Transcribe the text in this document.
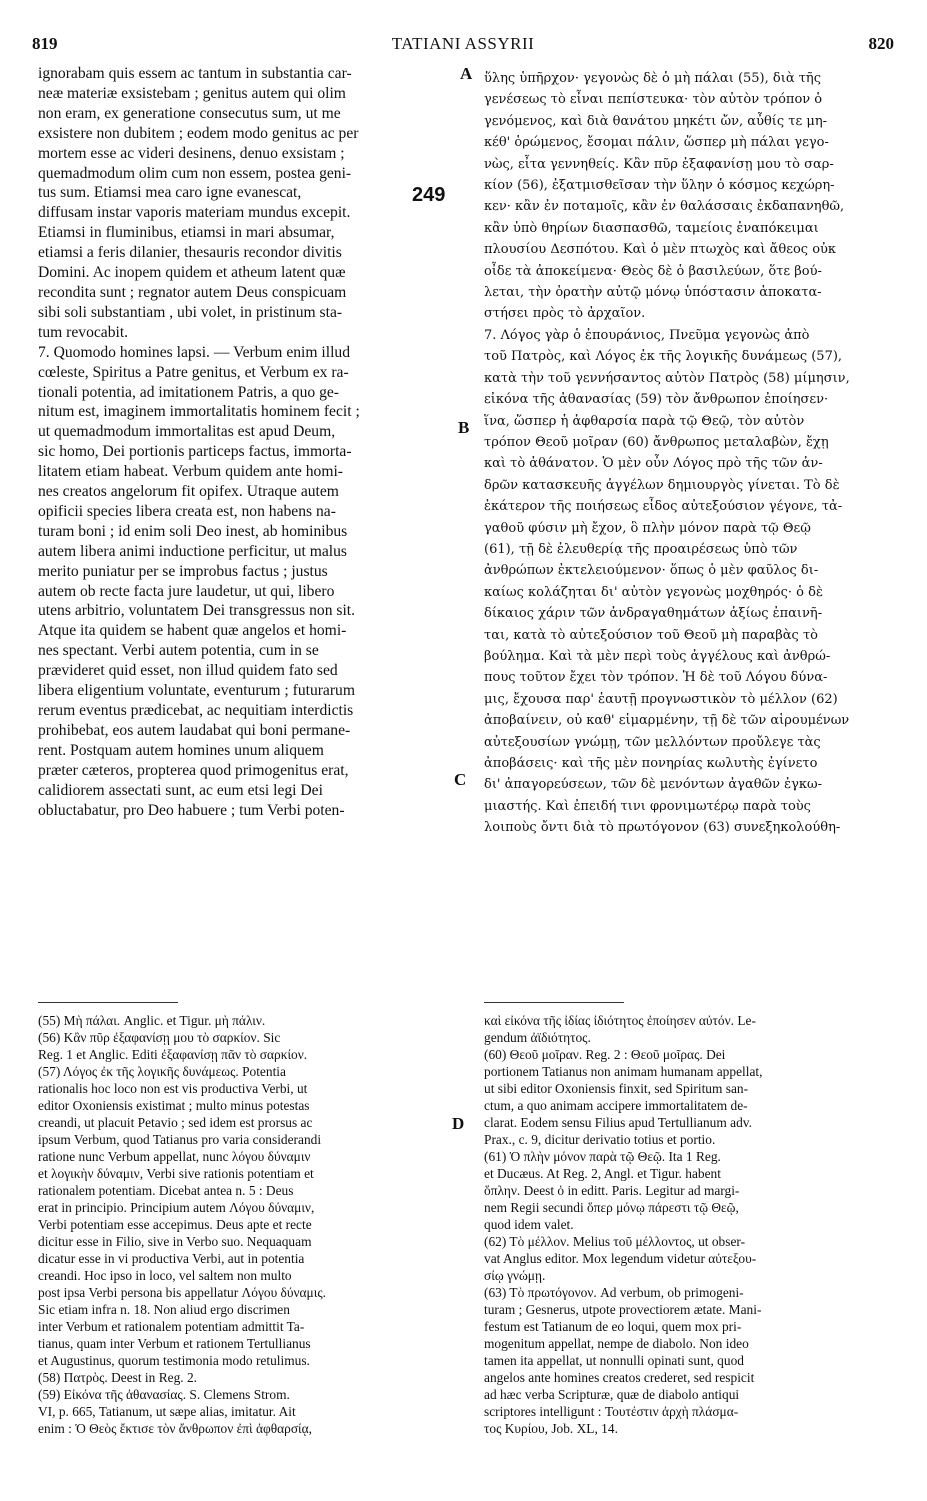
819	TATIANI ASSYRII	820
ignorabam quis essem ac tantum in substantia car-
neæ materiæ exsistebam ; genitus autem qui olim
non eram, ex generatione consecutus sum, ut me
exsistere non dubitem ; eodem modo genitus ac per
mortem esse ac videri desinens, denuo exsistam ;
quemadmodum olim cum non essem, postea geni-
tus sum. Etiamsi mea caro igne evanescat,
diffusam instar vaporis materiam mundus excepit.
Etiamsi in fluminibus, etiamsi in mari absumar,
etiamsi a feris dilanier, thesauris recondor divitis
Domini. Ac inopem quidem et atheum latent quæ
recondita sunt ; regnator autem Deus conspicuam
sibi soli substantiam , ubi volet, in pristinum sta-
tum revocabit.
7. Quomodo homines lapsi. — Verbum enim illud
cœleste, Spiritus a Patre genitus, et Verbum ex ra-
tionali potentia, ad imitationem Patris, a quo ge-
nitum est, imaginem immortalitatis hominem fecit ;
ut quemadmodum immortalitas est apud Deum,
sic homo, Dei portionis particeps factus, immorta-
litatem etiam habeat. Verbum quidem ante homi-
nes creatos angelorum fit opifex. Utraque autem
opificii species libera creata est, non habens na-
turam boni ; id enim soli Deo inest, ab hominibus
autem libera animi inductione perficitur, ut malus
merito puniatur per se improbus factus ; justus
autem ob recte facta jure laudetur, ut qui, libero
utens arbitrio, voluntatem Dei transgressus non sit.
Atque ita quidem se habent quæ angelos et homi-
nes spectant. Verbi autem potentia, cum in se
prævideret quid esset, non illud quidem fato sed
libera eligentium voluntate, eventurum ; futurarum
rerum eventus prædicebat, ac nequitiam interdictis
prohibebat, eos autem laudabat qui boni permane-
rent. Postquam autem homines unum aliquem
præter cæteros, propterea quod primogenitus erat,
calidiorem assectati sunt, ac eum etsi legi Dei
obluctabatur, pro Deo habuere ; tum Verbi poten-
ὕλης ὑπῆρχον· γεγονὼς δὲ ὁ μὴ πάλαι (55), διὰ τῆς
γενέσεως τὸ εἶναι πεπίστευκα· τὸν αὐτὸν τρόπον ὁ
γενόμενος, καὶ διὰ θανάτου μηκέτι ὤν, αὖθίς τε μη-
κέθ' ὁρώμενος, ἔσομαι πάλιν, ὥσπερ μὴ πάλαι γεγο-
νὼς, εἶτα γεννηθείς. Κἂν πῦρ ἐξαφανίσῃ μου τὸ σαρ-
κίον (56), ἐξατμισθεῖσαν τὴν ὕλην ὁ κόσμος κεχώρη-
κεν· κἂν ἐν ποταμοῖς, κἂν ἐν θαλάσσαις ἐκδαπανηθῶ,
κἂν ὑπὸ θηρίων διασπασθῶ, ταμείοις ἐναπόκειμαι
πλουσίου Δεσπότου. Καὶ ὁ μὲν πτωχὸς καὶ ἄθεος οὐκ
οἶδε τὰ ἀποκείμενα· Θεὸς δὲ ὁ βασιλεύων, ὅτε βού-
λεται, τὴν ὁρατὴν αὐτῷ μόνῳ ὑπόστασιν ἀποκατα-
στήσει πρὸς τὸ ἀρχαῖον.
7. Λόγος γὰρ ὁ ἐπουράνιος, Πνεῦμα γεγονὼς ἀπὸ
τοῦ Πατρὸς, καὶ Λόγος ἐκ τῆς λογικῆς δυνάμεως (57),
κατὰ τὴν τοῦ γεννήσαντος αὐτὸν Πατρὸς (58) μίμησιν,
εἰκόνα τῆς ἀθανασίας (59) τὸν ἄνθρωπον ἐποίησεν·
ἵνα, ὥσπερ ἡ ἀφθαρσία παρὰ τῷ Θεῷ, τὸν αὐτὸν
τρόπον Θεοῦ μοῖραν (60) ἄνθρωπος μεταλαβὼν, ἔχῃ
καὶ τὸ ἀθάνατον. Ὁ μὲν οὖν Λόγος πρὸ τῆς τῶν ἀν-
δρῶν κατασκευῆς ἀγγέλων δημιουργὸς γίνεται. Τὸ δὲ
ἑκάτερον τῆς ποιήσεως εἶδος αὐτεξούσιον γέγονε, τἀ-
γαθοῦ φύσιν μὴ ἔχον, ὃ πλὴν μόνον παρὰ τῷ Θεῷ
(61), τῇ δὲ ἐλευθερίᾳ τῆς προαιρέσεως ὑπὸ τῶν
ἀνθρώπων ἐκτελειούμενον· ὅπως ὁ μὲν φαῦλος δι-
καίως κολάζηται δι' αὐτὸν γεγονὼς μοχθηρός· ὁ δὲ
δίκαιος χάριν τῶν ἀνδραγαθημάτων ἀξίως ἐπαινῆ-
ται, κατὰ τὸ αὐτεξούσιον τοῦ Θεοῦ μὴ παραβὰς τὸ
βούλημα. Καὶ τὰ μὲν περὶ τοὺς ἀγγέλους καὶ ἀνθρώ-
πους τοῦτον ἔχει τὸν τρόπον. Ἡ δὲ τοῦ Λόγου δύνα-
μις, ἔχουσα παρ' ἑαυτῇ προγνωστικὸν τὸ μέλλον (62)
ἀποβαίνειν, οὐ καθ' εἱμαρμένην, τῇ δὲ τῶν αἱρουμένων
αὐτεξουσίων γνώμῃ, τῶν μελλόντων προὔλεγε τὰς
ἀποβάσεις· καὶ τῆς μὲν πονηρίας κωλυτὴς ἐγίνετο
δι' ἀπαγορεύσεων, τῶν δὲ μενόντων ἀγαθῶν ἐγκω-
μιαστής. Καὶ ἐπειδή τινι φρονιμωτέρῳ παρὰ τοὺς
λοιποὺς ὄντι διὰ τὸ πρωτόγονον (63) συνεξηκολούθη-
A
B
C
D
249
(55) Μὴ πάλαι. Anglic. et Tigur. μὴ πάλιν.
(56) Κἂν πῦρ ἐξαφανίσῃ μου τὸ σαρκίον. Sic
Reg. 1 et Anglic. Editi ἐξαφανίσῃ πᾶν τὸ σαρκίον.
(57) Λόγος ἐκ τῆς λογικῆς δυνάμεως. Potentia
rationalis hoc loco non est vis productiva Verbi, ut
editor Oxoniensis existimat ; multo minus potestas
creandi, ut placuit Petavio ; sed idem est prorsus ac
ipsum Verbum, quod Tatianus pro varia considerandi
ratione nunc Verbum appellat, nunc λόγου δύναμιν
et λογικὴν δύναμιν, Verbi sive rationis potentiam et
rationalem potentiam. Dicebat antea n. 5 : Deus
erat in principio. Principium autem Λόγου δύναμιν,
Verbi potentiam esse accepimus. Deus apte et recte
dicitur esse in Filio, sive in Verbo suo. Nequaquam
dicatur esse in vi productiva Verbi, aut in potentia
creandi. Hoc ipso in loco, vel saltem non multo
post ipsa Verbi persona bis appellatur Λόγου δύναμις.
Sic etiam infra n. 18. Non aliud ergo discrimen
inter Verbum et rationalem potentiam admittit Ta-
tianus, quam inter Verbum et rationem Tertullianus
et Augustinus, quorum testimonia modo retulimus.
(58) Πατρὸς. Deest in Reg. 2.
(59) Εἰκόνα τῆς ἀθανασίας. S. Clemens Strom.
VI, p. 665, Tatianum, ut sæpe alias, imitatur. Ait
enim : Ὁ Θεὸς ἔκτισε τὸν ἄνθρωπον ἐπὶ ἀφθαρσίᾳ,
καὶ εἰκόνα τῆς ἰδίας ἰδιότητος ἐποίησεν αὐτόν. Le-
gendum ἀϊδιότητος.
(60) Θεοῦ μοῖραν. Reg. 2 : Θεοῦ μοῖρας. Dei
portionem Tatianus non animam humanam appellat,
ut sibi editor Oxoniensis finxit, sed Spiritum san-
ctum, a quo animam accipere immortalitatem de-
clarat. Eodem sensu Filius apud Tertullianum adv.
Prax., c. 9, dicitur derivatio totius et portio.
(61) Ὁ πλὴν μόνον παρὰ τῷ Θεῷ. Ita 1 Reg.
et Ducæus. At Reg. 2, Angl. et Tigur. habent
ὅπλην. Deest ὁ in editt. Paris. Legitur ad margi-
nem Regii secundi ὅπερ μόνῳ πάρεστι τῷ Θεῷ,
quod idem valet.
(62) Τὸ μέλλον. Melius τοῦ μέλλοντος, ut obser-
vat Anglus editor. Mox legendum videtur αὐτεξου-
σίῳ γνώμῃ.
(63) Τὸ πρωτόγονον. Ad verbum, ob primogeni-
turam ; Gesnerus, utpote provectiorem ætate. Mani-
festum est Tatianum de eo loqui, quem mox pri-
mogenitum appellat, nempe de diabolo. Non ideo
tamen ita appellat, ut nonnulli opinati sunt, quod
angelos ante homines creatos crederet, sed respicit
ad hæc verba Scripturæ, quæ de diabolo antiqui
scriptores intelligunt : Τουτέστιν ἀρχὴ πλάσμα-
τος Κυρίου, Job. XL, 14.
